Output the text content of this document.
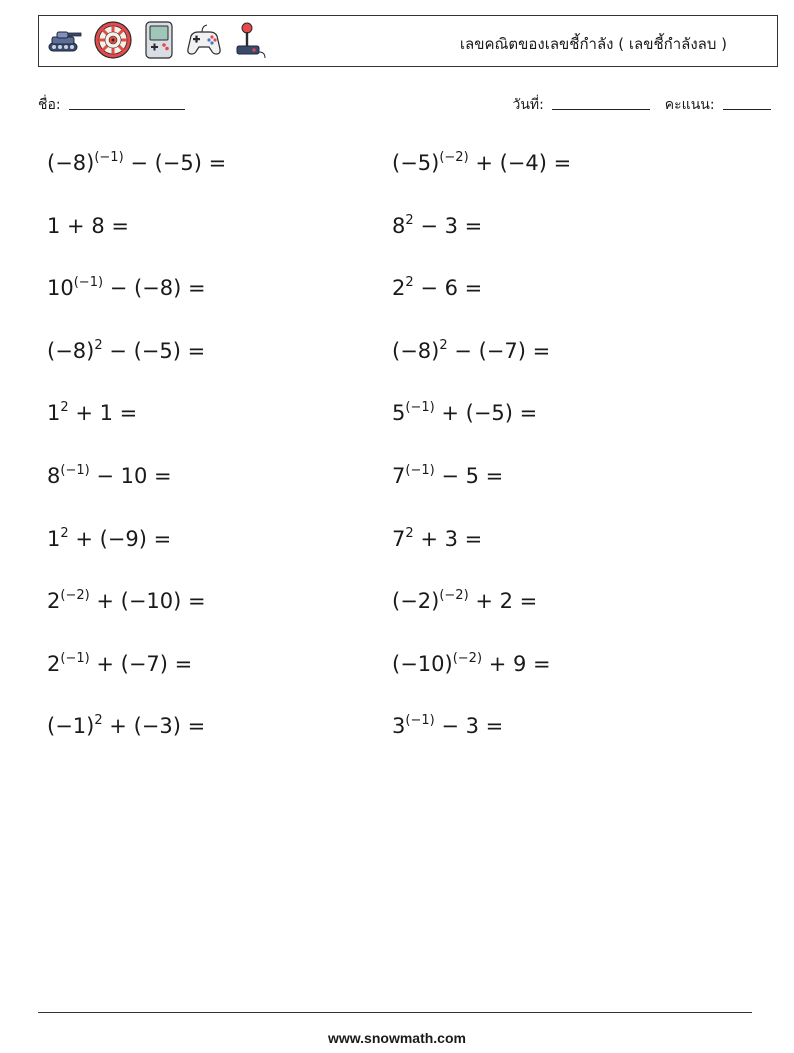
เลขคณิตของเลขชี้กำลัง ( เลขชี้กำลังลบ )
ชื่อ:	วันที่:	คะแนน:
$(-8)^{(-1)} - (-5)$ =	$(-5)^{(-2)} + (-4)$ =
1 + 8 =	$8^2 - 3$ =
$10^{(-1)} - (-8)$ =	$2^2 - 6$ =
$(-8)^2 - (-5)$ =	$(-8)^2 - (-7)$ =
$1^2 + 1$ =	$5^{(-1)} + (-5)$ =
$8^{(-1)} - 10$ =	$7^{(-1)} - 5$ =
$1^2 + (-9)$ =	$7^2 + 3$ =
$2^{(-2)} + (-10)$ =	$(-2)^{(-2)} + 2$ =
$2^{(-1)} + (-7)$ =	$(-10)^{(-2)} + 9$ =
$(-1)^2 + (-3)$ =	$3^{(-1)} - 3$ =
www.snowmath.com
